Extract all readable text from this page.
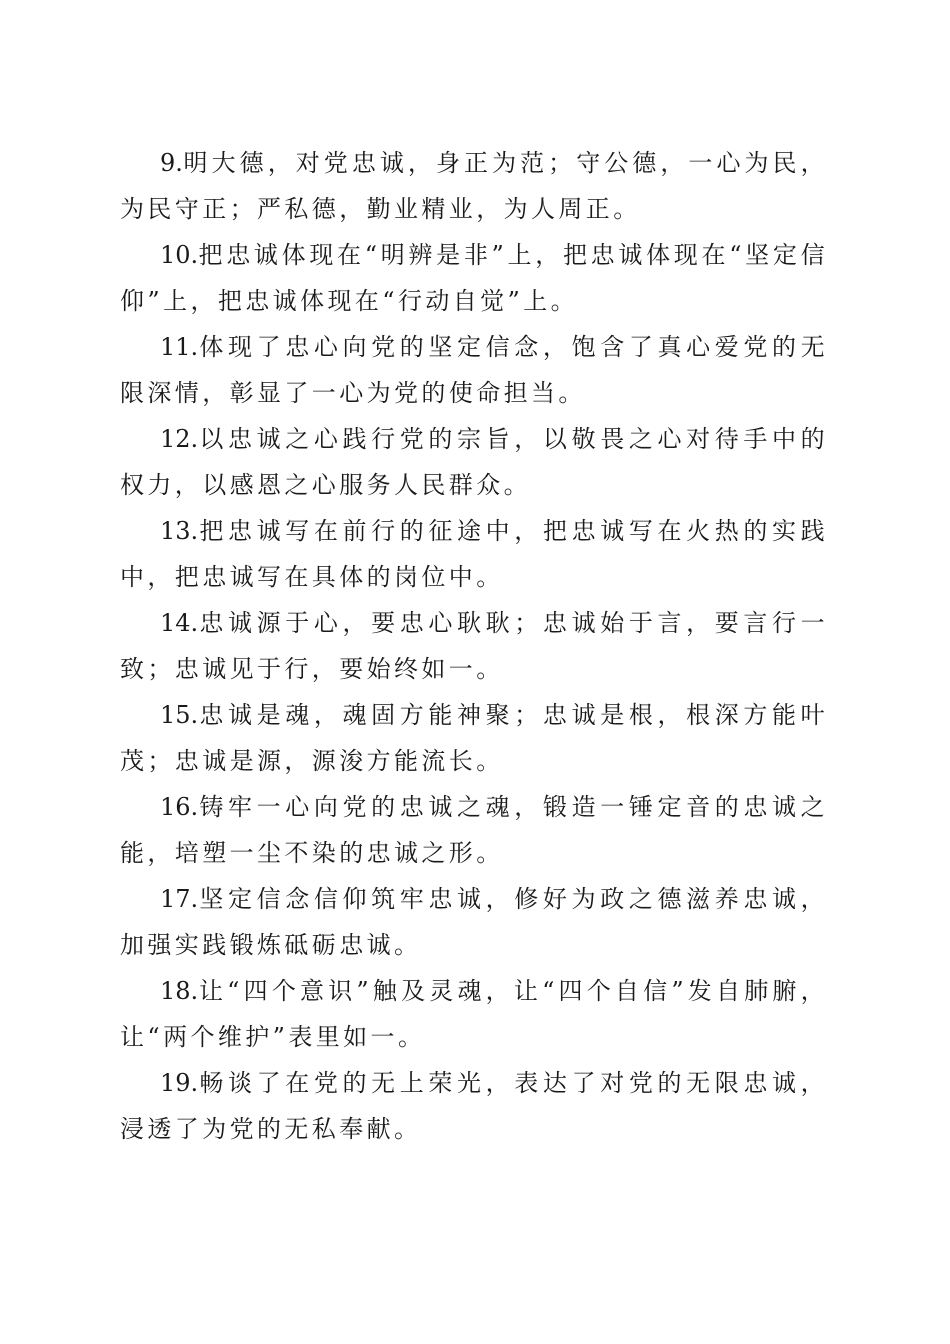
9.明大德，对党忠诚，身正为范；守公德，一心为民，为民守正；严私德，勤业精业，为人周正。

10.把忠诚体现在“明辨是非”上，把忠诚体现在“坚定信仰”上，把忠诚体现在“行动自觉”上。

11.体现了忠心向党的坚定信念，饱含了真心爱党的无限深情，彰显了一心为党的使命担当。

12.以忠诚之心践行党的宗旨，以敬畏之心对待手中的权力，以感恩之心服务人民群众。

13.把忠诚写在前行的征途中，把忠诚写在火热的实践中，把忠诚写在具体的岗位中。

14.忠诚源于心，要忠心耿耿；忠诚始于言，要言行一致；忠诚见于行，要始终如一。

15.忠诚是魂，魂固方能神聚；忠诚是根，根深方能叶茂；忠诚是源，源浚方能流长。

16.铸牢一心向党的忠诚之魂，锻造一锤定音的忠诚之能，培塑一尘不染的忠诚之形。

17.坚定信念信仰筑牢忠诚，修好为政之德滋养忠诚，加强实践锻炼砥砺忠诚。

18.让“四个意识”触及灵魂，让“四个自信”发自肺腑，让“两个维护”表里如一。

19.畅谈了在党的无上荣光，表达了对党的无限忠诚，浸透了为党的无私奉献。
